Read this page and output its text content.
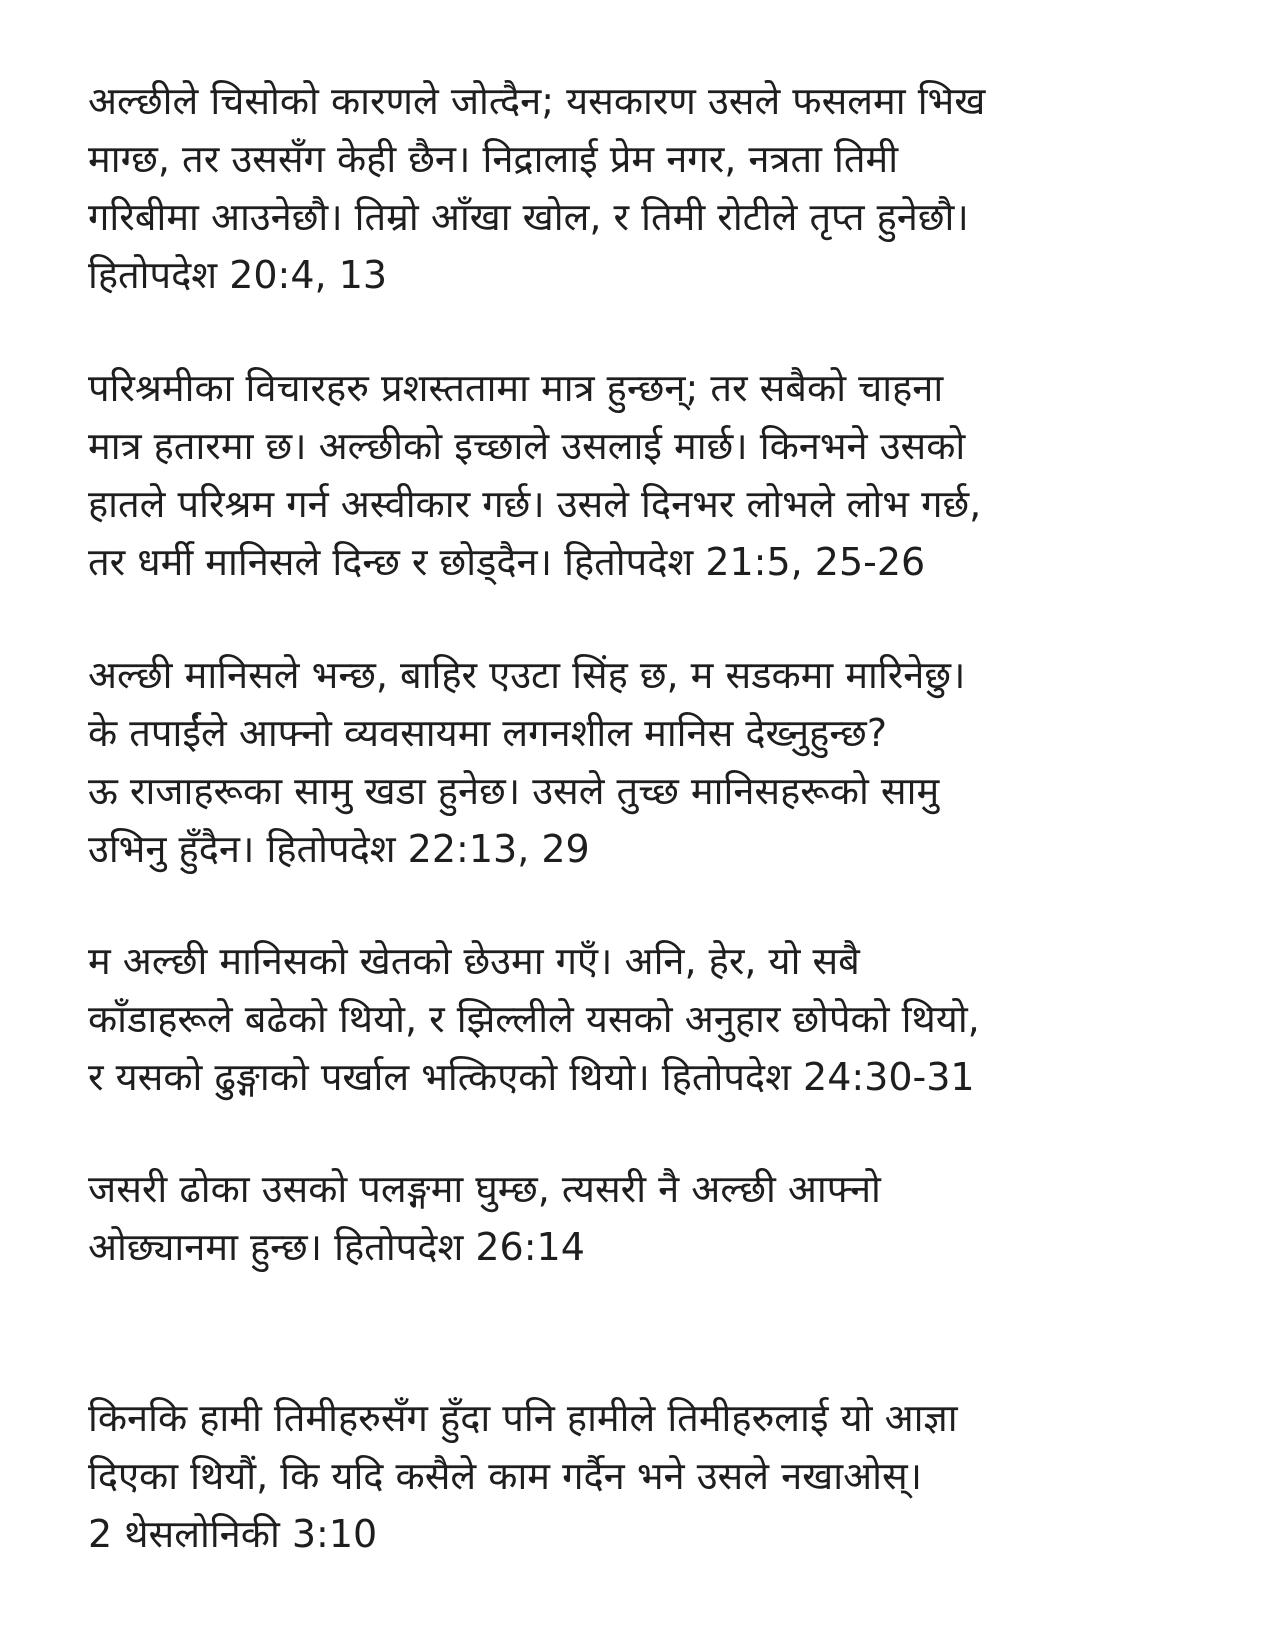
अल्छीले चिसोको कारणले जोत्दैन; यसकारण उसले फसलमा भिख
माग्छ, तर उससँग केही छैन। निद्रालाई प्रेम नगर, नत्रता तिमी
गरिबीमा आउनेछौ। तिम्रो आँखा खोल, र तिमी रोटीले तृप्त हुनेछौ।
हितोपदेश 20:4, 13
परिश्रमीका विचारहरु प्रशस्ततामा मात्र हुन्छन्; तर सबैको चाहना
मात्र हतारमा छ। अल्छीको इच्छाले उसलाई मार्छ। किनभने उसको
हातले परिश्रम गर्न अस्वीकार गर्छ। उसले दिनभर लोभले लोभ गर्छ,
तर धर्मी मानिसले दिन्छ र छोड्दैन। हितोपदेश 21:5, 25-26
अल्छी मानिसले भन्छ, बाहिर एउटा सिंह छ, म सडकमा मारिनेछु।
के तपाईंले आफ्नो व्यवसायमा लगनशील मानिस देख्नुहुन्छ?
ऊ राजाहरूका सामु खडा हुनेछ। उसले तुच्छ मानिसहरूको सामु
उभिनु हुँदैन। हितोपदेश 22:13, 29
म अल्छी मानिसको खेतको छेउमा गएँ। अनि, हेर, यो सबै
काँडाहरूले बढेको थियो, र झिल्लीले यसको अनुहार छोपेको थियो,
र यसको ढुङ्गाको पर्खाल भत्किएको थियो। हितोपदेश 24:30-31
जसरी ढोका उसको पलङ्गमा घुम्छ, त्यसरी नै अल्छी आफ्नो
ओछ्यानमा हुन्छ। हितोपदेश 26:14
किनकि हामी तिमीहरुसँग हुँदा पनि हामीले तिमीहरुलाई यो आज्ञा
दिएका थियौं, कि यदि कसैले काम गर्दैन भने उसले नखाओस्।
2 थेसलोनिकी 3:10
